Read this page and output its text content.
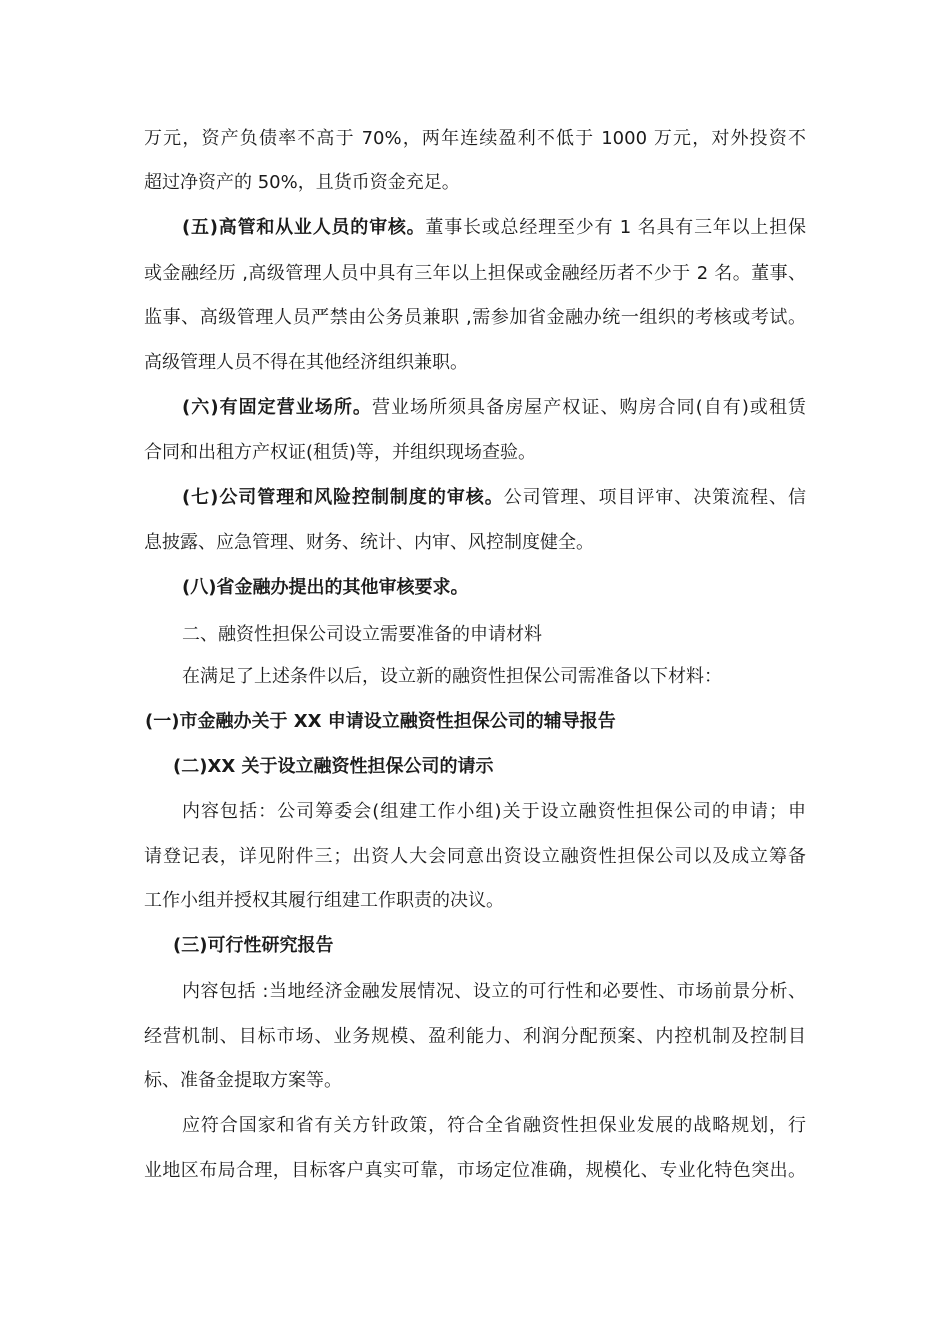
万元，资产负债率不高于 70%，两年连续盈利不低于 1000 万元，对外投资不
超过净资产的 50%，且货币资金充足。
(五)高管和从业人员的审核。董事长或总经理至少有 1 名具有三年以上担保
或金融经历 ,高级管理人员中具有三年以上担保或金融经历者不少于 2 名。董事、
监事、高级管理人员严禁由公务员兼职 ,需参加省金融办统一组织的考核或考试。
高级管理人员不得在其他经济组织兼职。
(六)有固定营业场所。营业场所须具备房屋产权证、购房合同(自有)或租赁
合同和出租方产权证(租赁)等，并组织现场查验。
(七)公司管理和风险控制制度的审核。公司管理、项目评审、决策流程、信
息披露、应急管理、财务、统计、内审、风控制度健全。
(八)省金融办提出的其他审核要求。
二、融资性担保公司设立需要准备的申请材料
在满足了上述条件以后，设立新的融资性担保公司需准备以下材料：
(一)市金融办关于 XX 申请设立融资性担保公司的辅导报告
(二)XX 关于设立融资性担保公司的请示
内容包括：公司筹委会(组建工作小组)关于设立融资性担保公司的申请；申
请登记表，详见附件三；出资人大会同意出资设立融资性担保公司以及成立筹备
工作小组并授权其履行组建工作职责的决议。
(三)可行性研究报告
内容包括 :当地经济金融发展情况、设立的可行性和必要性、市场前景分析、
经营机制、目标市场、业务规模、盈利能力、利润分配预案、内控机制及控制目
标、准备金提取方案等。
应符合国家和省有关方针政策，符合全省融资性担保业发展的战略规划，行
业地区布局合理，目标客户真实可靠，市场定位准确，规模化、专业化特色突出。
